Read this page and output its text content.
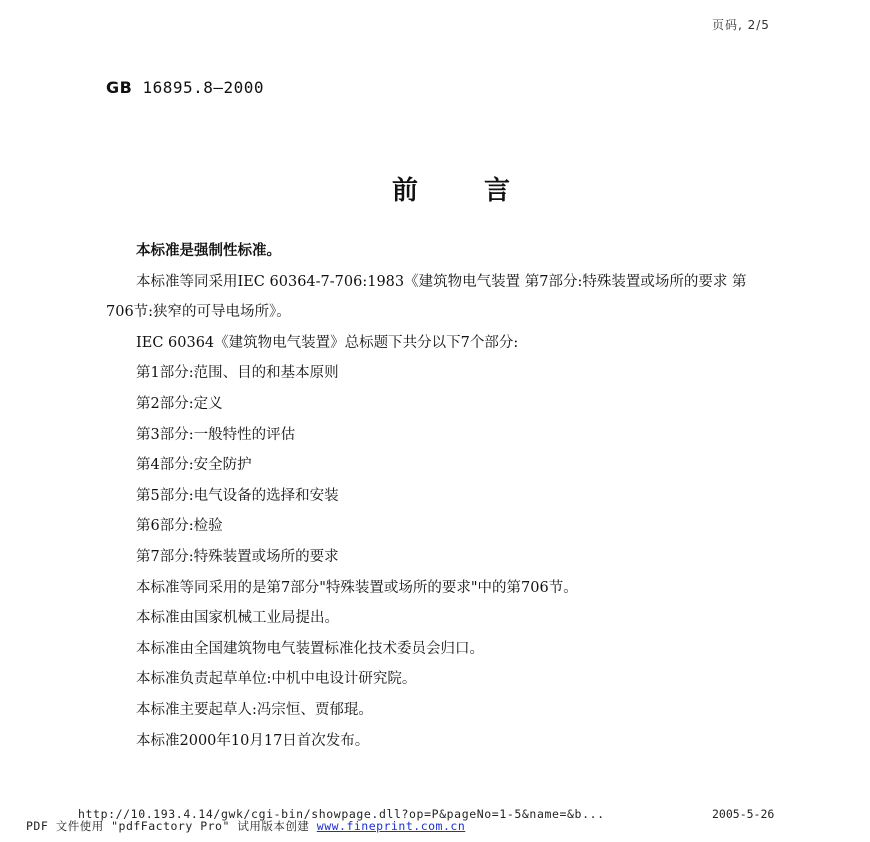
页码, 2/5
GB 16895.8—2000
前言

本标准是强制性标准。

本标准等同采用IEC 60364-7-706:1983《建筑物电气装置 第7部分:特殊装置或场所的要求 第

706节:狭窄的可导电场所》。

IEC 60364《建筑物电气装置》总标题下共分以下7个部分:

第1部分:范围、目的和基本原则

第2部分:定义

第3部分:一般特性的评估

第4部分:安全防护

第5部分:电气设备的选择和安装

第6部分:检验

第7部分:特殊装置或场所的要求

本标准等同采用的是第7部分"特殊装置或场所的要求"中的第706节。

本标准由国家机械工业局提出。

本标准由全国建筑物电气装置标准化技术委员会归口。

本标准负责起草单位:中机中电设计研究院。

本标准主要起草人:冯宗恒、贾郁琨。

本标准2000年10月17日首次发布。

http://10.193.4.14/gwk/cgi-bin/showpage.dll?op=P&pageNo=1-5&name=&b...	2005-5-26
PDF 文件使用 "pdfFactory Pro" 试用版本创建 www.fineprint.com.cn
